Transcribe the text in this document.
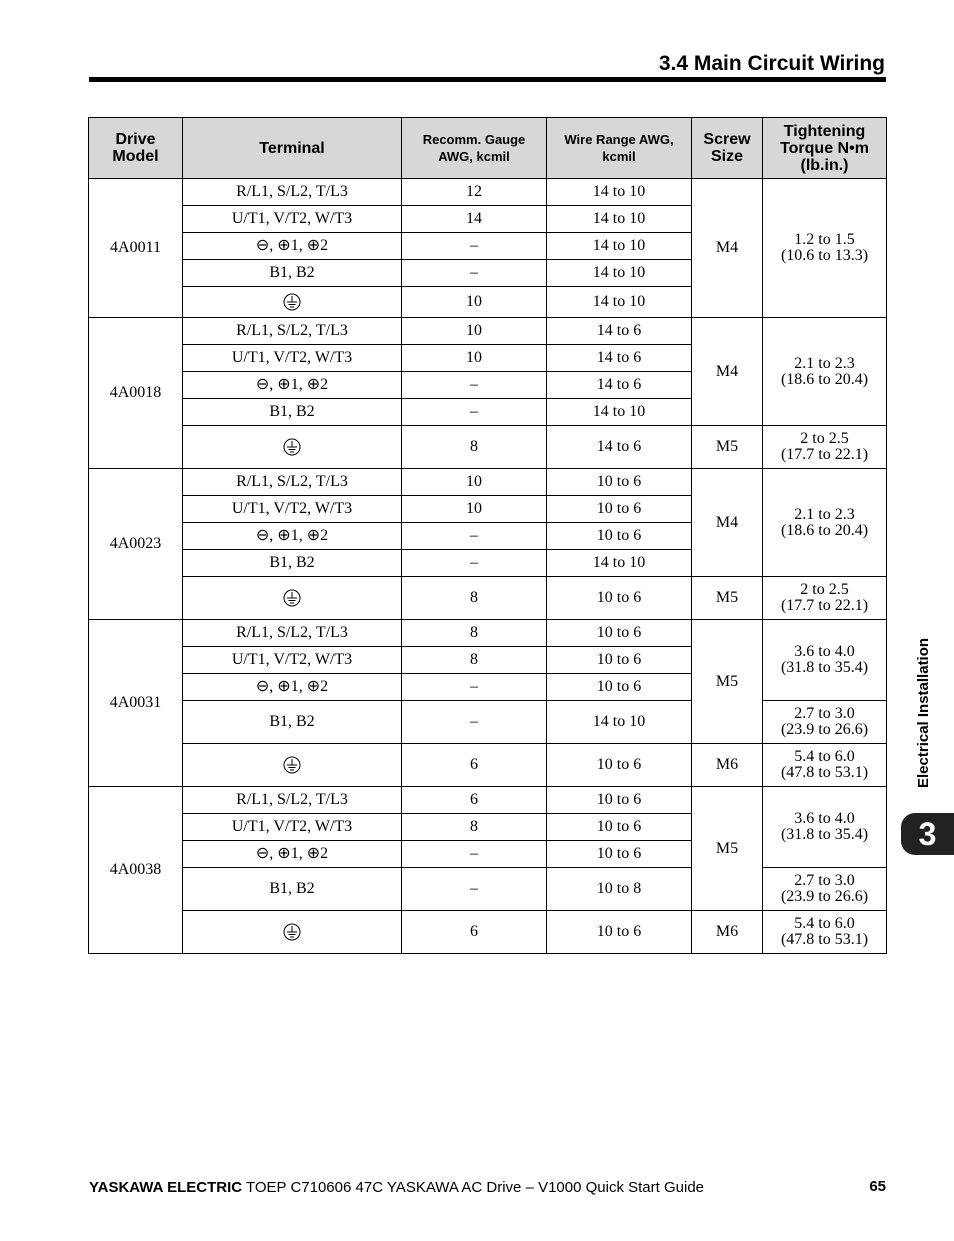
3.4 Main Circuit Wiring
Drive Model	Terminal	Recomm. Gauge AWG, kcmil	Wire Range AWG, kcmil	Screw Size	Tightening Torque N•m (lb.in.)
4A0011	R/L1, S/L2, T/L3	12	14 to 10	M4	1.2 to 1.5
(10.6 to 13.3)

	U/T1, V/T2, W/T3	14	14 to 10		
	⊖, ⊕1, ⊕2	–	14 to 10		
	B1, B2	–	14 to 10		
	10	14 to 10		
4A0018	R/L1, S/L2, T/L3	10	14 to 6	M4	2.1 to 2.3
(18.6 to 20.4)

	U/T1, V/T2, W/T3	10	14 to 6		
	⊖, ⊕1, ⊕2	–	14 to 6		
	B1, B2	–	14 to 10		
	8	14 to 6	M5	2 to 2.5
(17.7 to 22.1)

4A0023	R/L1, S/L2, T/L3	10	10 to 6	M4	2.1 to 2.3
(18.6 to 20.4)

	U/T1, V/T2, W/T3	10	10 to 6		
	⊖, ⊕1, ⊕2	–	10 to 6		
	B1, B2	–	14 to 10		
	8	10 to 6	M5	2 to 2.5
(17.7 to 22.1)

4A0031	R/L1, S/L2, T/L3	8	10 to 6	M5	3.6 to 4.0
(31.8 to 35.4)

	U/T1, V/T2, W/T3	8	10 to 6		
	⊖, ⊕1, ⊕2	–	10 to 6		
	B1, B2	–	14 to 10		2.7 to 3.0
(23.9 to 26.6)

	6	10 to 6	M6	5.4 to 6.0
(47.8 to 53.1)

4A0038	R/L1, S/L2, T/L3	6	10 to 6	M5	3.6 to 4.0
(31.8 to 35.4)

	U/T1, V/T2, W/T3	8	10 to 6		
	⊖, ⊕1, ⊕2	–	10 to 6		
	B1, B2	–	10 to 8		2.7 to 3.0
(23.9 to 26.6)

	6	10 to 6	M6	5.4 to 6.0
(47.8 to 53.1)
Electrical Installation
3
YASKAWA ELECTRIC TOEP C710606 47C YASKAWA AC Drive – V1000 Quick Start Guide	65
